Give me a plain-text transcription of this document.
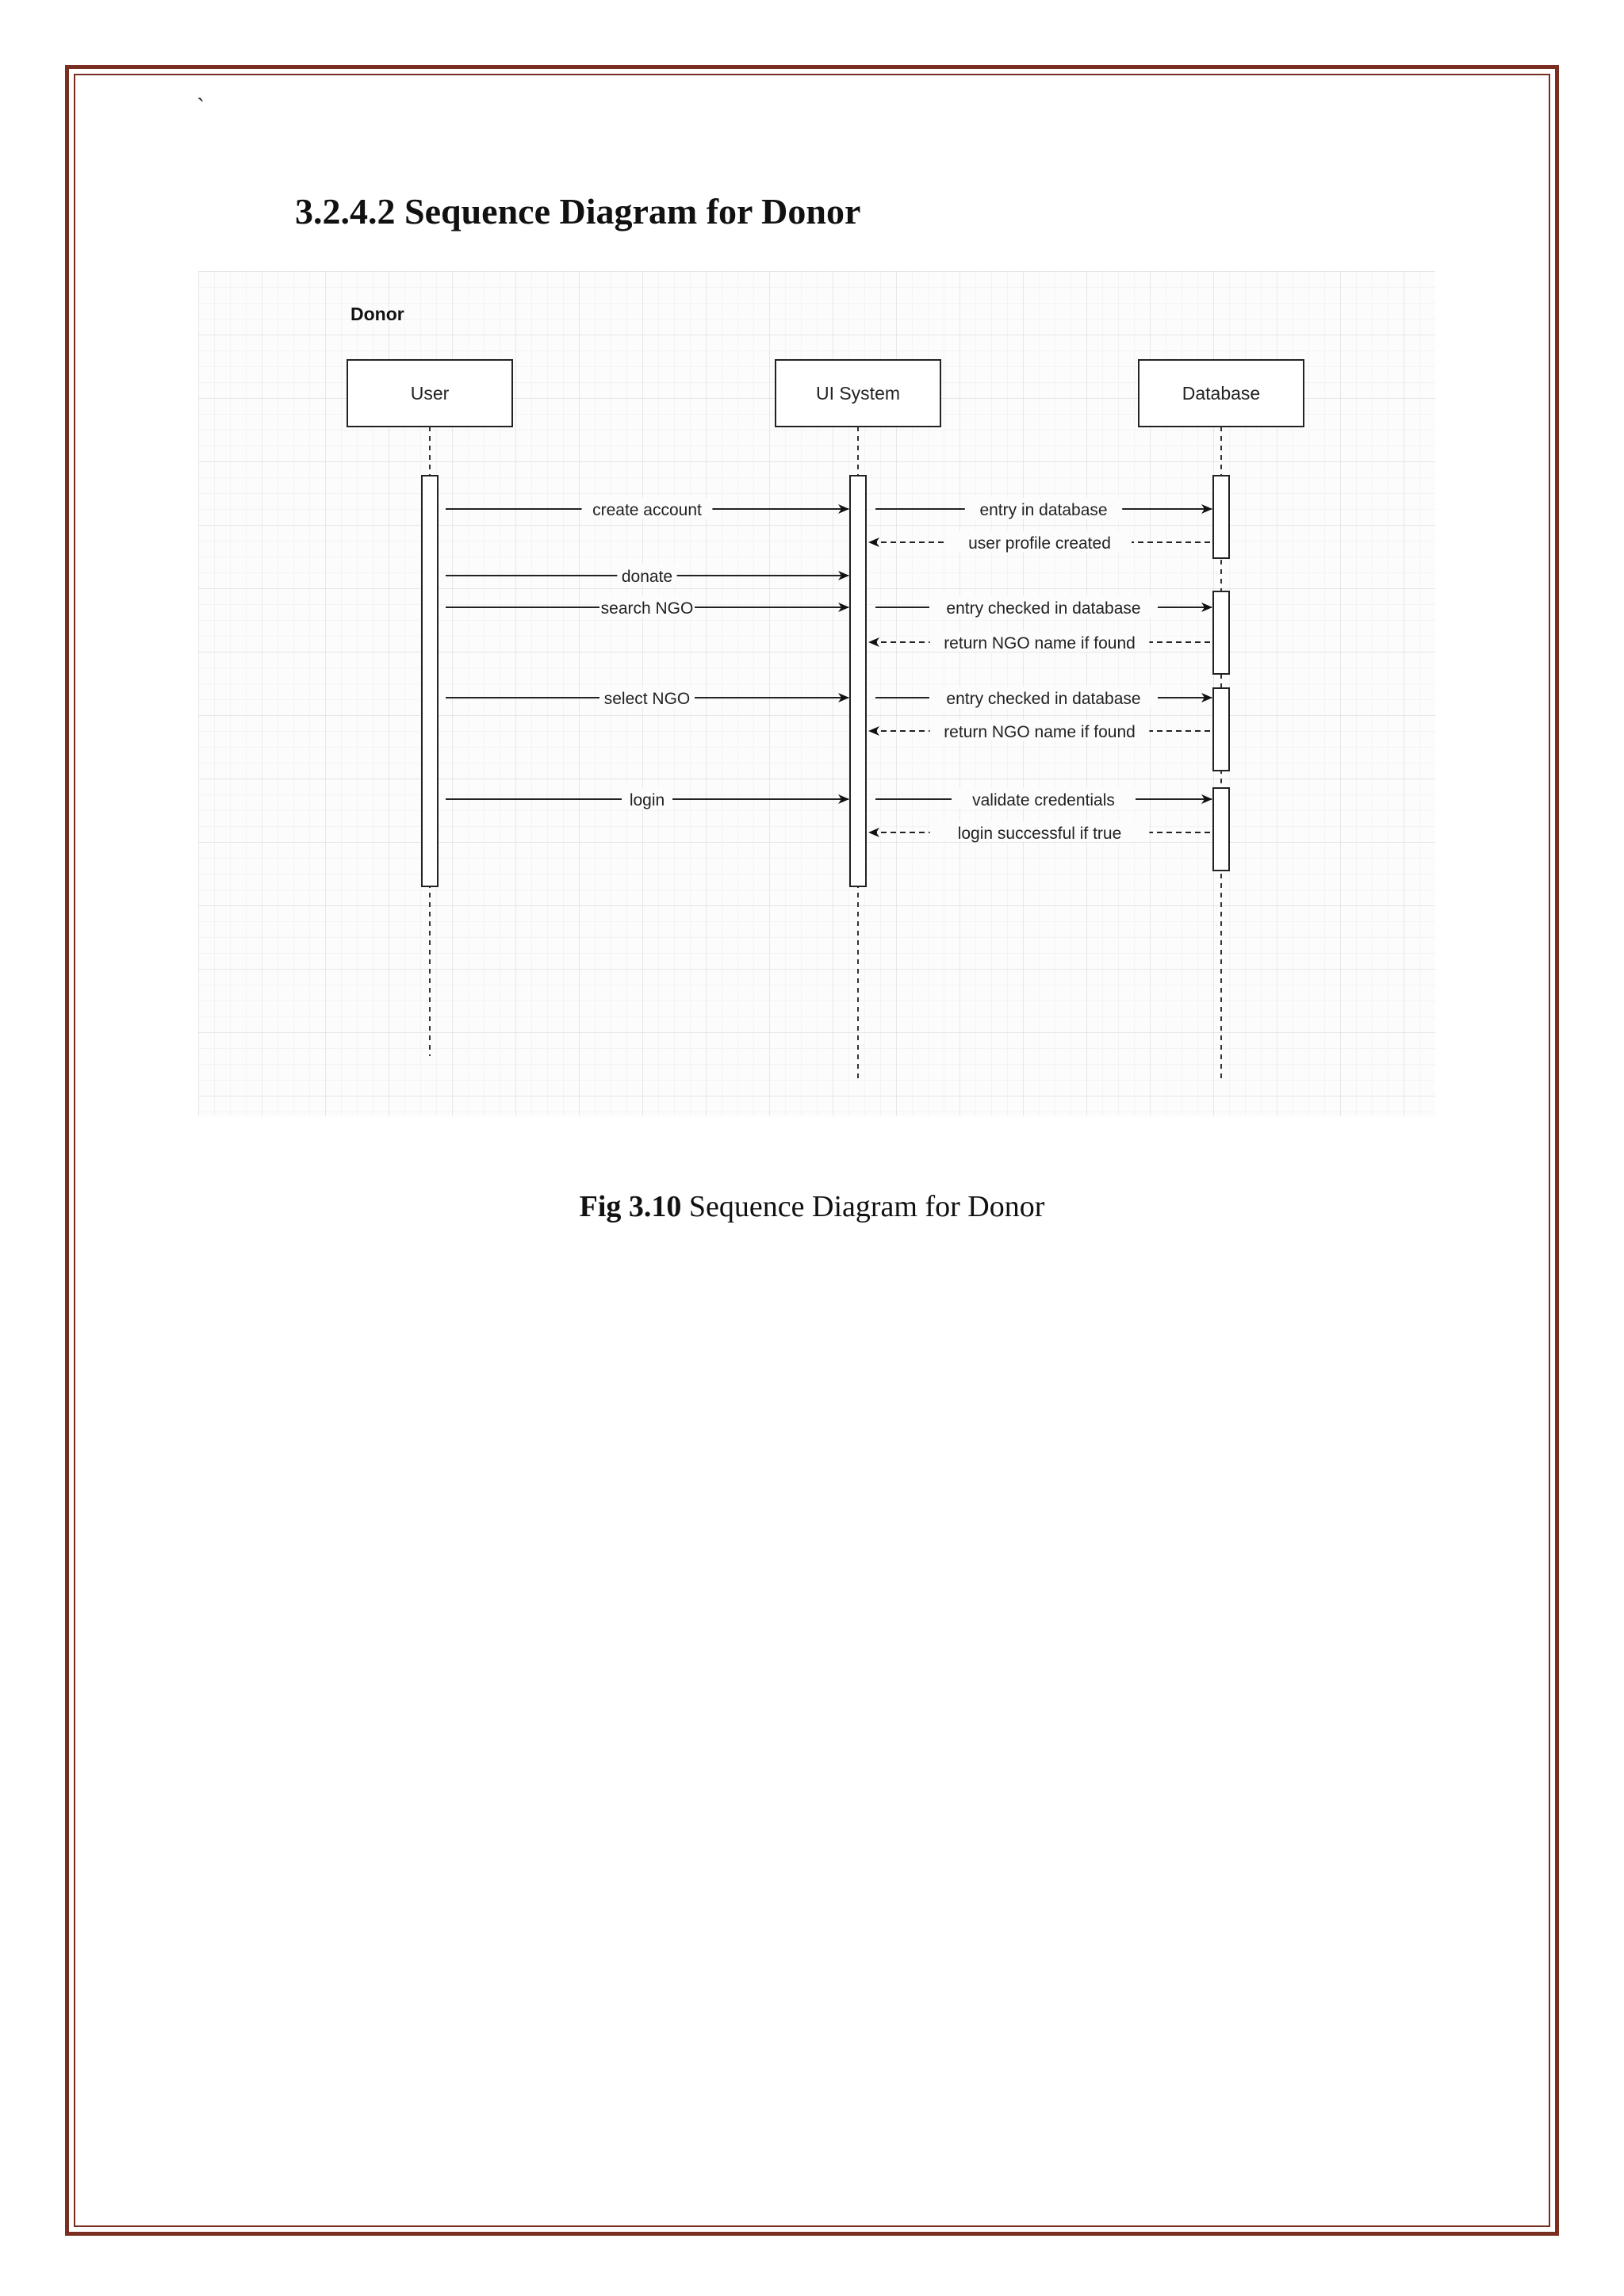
`
3.2.4.2 Sequence Diagram for Donor
Donor
User	UI System	Database
create account	entry in database
user profile created
donate
search NGO	entry checked in database
return NGO name if found
select NGO	entry checked in database
return NGO name if found
login	validate credentials
login successful if true
Fig 3.10 Sequence Diagram for Donor
